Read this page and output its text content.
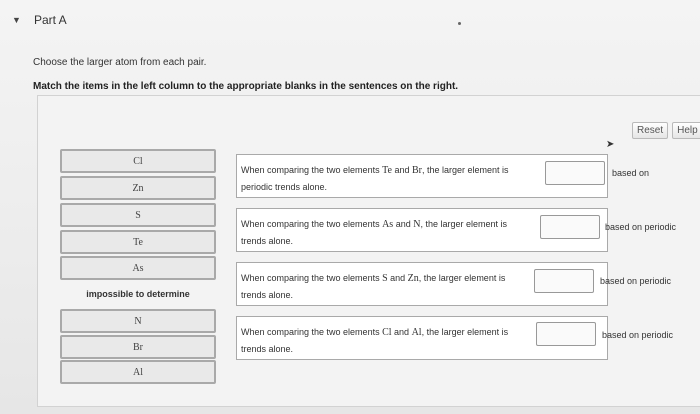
▼	Part A
Choose the larger atom from each pair.
Match the items in the left column to the appropriate blanks in the sentences on the right.
Reset	Help
➤
Cl
Zn
S
Te
As
impossible to determine
N
Br
Al
When comparing the two elements Te and Br, the larger element is
periodic trends alone.
based on
When comparing the two elements As and N, the larger element is
trends alone.
based on periodic
When comparing the two elements S and Zn, the larger element is
trends alone.
based on periodic
When comparing the two elements Cl and Al, the larger element is
trends alone.
based on periodic
